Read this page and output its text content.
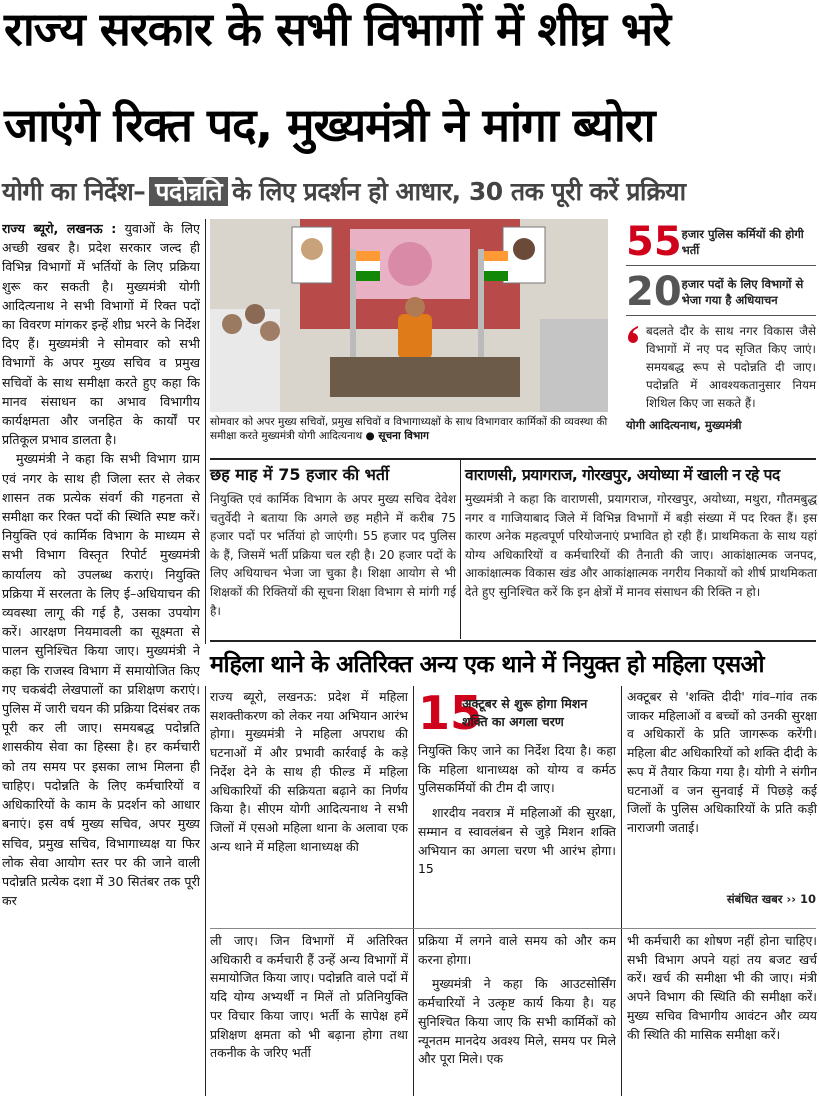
राज्य सरकार के सभी विभागों में शीघ्र भरे
जाएंगे रिक्त पद, मुख्यमंत्री ने मांगा ब्योरा
योगी का निर्देश– पदोन्नति के लिए प्रदर्शन हो आधार, 30 तक पूरी करें प्रक्रिया

राज्य ब्यूरो, लखनऊ : युवाओं के लिए अच्छी खबर है। प्रदेश सरकार जल्द ही विभिन्न विभागों में भर्तियों के लिए प्रक्रिया शुरू कर सकती है। मुख्यमंत्री योगी आदित्यनाथ ने सभी विभागों में रिक्त पदों का विवरण मांगकर इन्हें शीघ्र भरने के निर्देश दिए हैं। मुख्यमंत्री ने सोमवार को सभी विभागों के अपर मुख्य सचिव व प्रमुख सचिवों के साथ समीक्षा करते हुए कहा कि मानव संसाधन का अभाव विभागीय कार्यक्षमता और जनहित के कार्यों पर प्रतिकूल प्रभाव डालता है।

मुख्यमंत्री ने कहा कि सभी विभाग ग्राम एवं नगर के साथ ही जिला स्तर से लेकर शासन तक प्रत्येक संवर्ग की गहनता से समीक्षा कर रिक्त पदों की स्थिति स्पष्ट करें। नियुक्ति एवं कार्मिक विभाग के माध्यम से सभी विभाग विस्तृत रिपोर्ट मुख्यमंत्री कार्यालय को उपलब्ध कराएं। नियुक्ति प्रक्रिया में सरलता के लिए ई–अधियाचन की व्यवस्था लागू की गई है, उसका उपयोग करें। आरक्षण नियमावली का सूक्ष्मता से पालन सुनिश्चित किया जाए। मुख्यमंत्री ने कहा कि राजस्व विभाग में समायोजित किए गए चकबंदी लेखपालों का प्रशिक्षण कराएं। पुलिस में जारी चयन की प्रक्रिया दिसंबर तक पूरी कर ली जाए। समयबद्ध पदोन्नति शासकीय सेवा का हिस्सा है। हर कर्मचारी को तय समय पर इसका लाभ मिलना ही चाहिए। पदोन्नति के लिए कर्मचारियों व अधिकारियों के काम के प्रदर्शन को आधार बनाएं। इस वर्ष मुख्य सचिव, अपर मुख्य सचिव, प्रमुख सचिव, विभागाध्यक्ष या फिर लोक सेवा आयोग स्तर पर की जाने वाली पदोन्नति प्रत्येक दशा में 30 सितंबर तक पूरी कर

सोमवार को अपर मुख्य सचिवों, प्रमुख सचिवों व विभागाध्यक्षों के साथ विभागवार कार्मिकों की व्यवस्था की समीक्षा करते मुख्यमंत्री योगी आदित्यनाथ ● सूचना विभाग
55 हजार पुलिस कर्मियों की होगी भर्ती
20 हजार पदों के लिए विभागों से भेजा गया है अधियाचन
बदलते दौर के साथ नगर विकास जैसे विभागों में नए पद सृजित किए जाएं। समयबद्ध रूप से पदोन्नति दी जाए। पदोन्नति में आवश्यकतानुसार नियम शिथिल किए जा सकते हैं।
योगी आदित्यनाथ, मुख्यमंत्री
छह माह में 75 हजार की भर्ती
नियुक्ति एवं कार्मिक विभाग के अपर मुख्य सचिव देवेश चतुर्वेदी ने बताया कि अगले छह महीने में करीब 75 हजार पदों पर भर्तियां हो जाएंगी। 55 हजार पद पुलिस के हैं, जिसमें भर्ती प्रक्रिया चल रही है। 20 हजार पदों के लिए अधियाचन भेजा जा चुका है। शिक्षा आयोग से भी शिक्षकों की रिक्तियों की सूचना शिक्षा विभाग से मांगी गई है।
वाराणसी, प्रयागराज, गोरखपुर, अयोध्या में खाली न रहे पद
मुख्यमंत्री ने कहा कि वाराणसी, प्रयागराज, गोरखपुर, अयोध्या, मथुरा, गौतमबुद्ध नगर व गाजियाबाद जिले में विभिन्न विभागों में बड़ी संख्या में पद रिक्त हैं। इस कारण अनेक महत्वपूर्ण परियोजनाएं प्रभावित हो रही हैं। प्राथमिकता के साथ यहां योग्य अधिकारियों व कर्मचारियों की तैनाती की जाए। आकांक्षात्मक जनपद, आकांक्षात्मक विकास खंड और आकांक्षात्मक नगरीय निकायों को शीर्ष प्राथमिकता देते हुए सुनिश्चित करें कि इन क्षेत्रों में मानव संसाधन की रिक्ति न हो।
महिला थाने के अतिरिक्त अन्य एक थाने में नियुक्त हो महिला एसओ
राज्य ब्यूरो, लखनऊ: प्रदेश में महिला सशक्तीकरण को लेकर नया अभियान आरंभ होगा। मुख्यमंत्री ने महिला अपराध की घटनाओं में और प्रभावी कार्रवाई के कड़े निर्देश देने के साथ ही फील्ड में महिला अधिकारियों की सक्रियता बढ़ाने का निर्णय किया है। सीएम योगी आदित्यनाथ ने सभी जिलों में एसओ महिला थाना के अलावा एक अन्य थाने में महिला थानाध्यक्ष की
15
अक्टूबर से शुरू होगा मिशन शक्ति का अगला चरण

नियुक्ति किए जाने का निर्देश दिया है। कहा कि महिला थानाध्यक्ष को योग्य व कर्मठ पुलिसकर्मियों की टीम दी जाए।

शारदीय नवरात्र में महिलाओं की सुरक्षा, सम्मान व स्वावलंबन से जुड़े मिशन शक्ति अभियान का अगला चरण भी आरंभ होगा। 15

अक्टूबर से 'शक्ति दीदी' गांव–गांव तक जाकर महिलाओं व बच्चों को उनकी सुरक्षा व अधिकारों के प्रति जागरूक करेंगी। महिला बीट अधिकारियों को शक्ति दीदी के रूप में तैयार किया गया है। योगी ने संगीन घटनाओं व जन सुनवाई में पिछड़े कई जिलों के पुलिस अधिकारियों के प्रति कड़ी नाराजगी जताई।
संबंधित खबर ›› 10
ली जाए। जिन विभागों में अतिरिक्त अधिकारी व कर्मचारी हैं उन्हें अन्य विभागों में समायोजित किया जाए। पदोन्नति वाले पदों में यदि योग्य अभ्यर्थी न मिलें तो प्रतिनियुक्ति पर विचार किया जाए। भर्ती के सापेक्ष हमें प्रशिक्षण क्षमता को भी बढ़ाना होगा तथा तकनीक के जरिए भर्ती

प्रक्रिया में लगने वाले समय को और कम करना होगा।

मुख्यमंत्री ने कहा कि आउटसोर्सिंग कर्मचारियों ने उत्कृष्ट कार्य किया है। यह सुनिश्चित किया जाए कि सभी कार्मिकों को न्यूनतम मानदेय अवश्य मिले, समय पर मिले और पूरा मिले। एक

भी कर्मचारी का शोषण नहीं होना चाहिए। सभी विभाग अपने यहां तय बजट खर्च करें। खर्च की समीक्षा भी की जाए। मंत्री अपने विभाग की स्थिति की समीक्षा करें। मुख्य सचिव विभागीय आवंटन और व्यय की स्थिति की मासिक समीक्षा करें।
